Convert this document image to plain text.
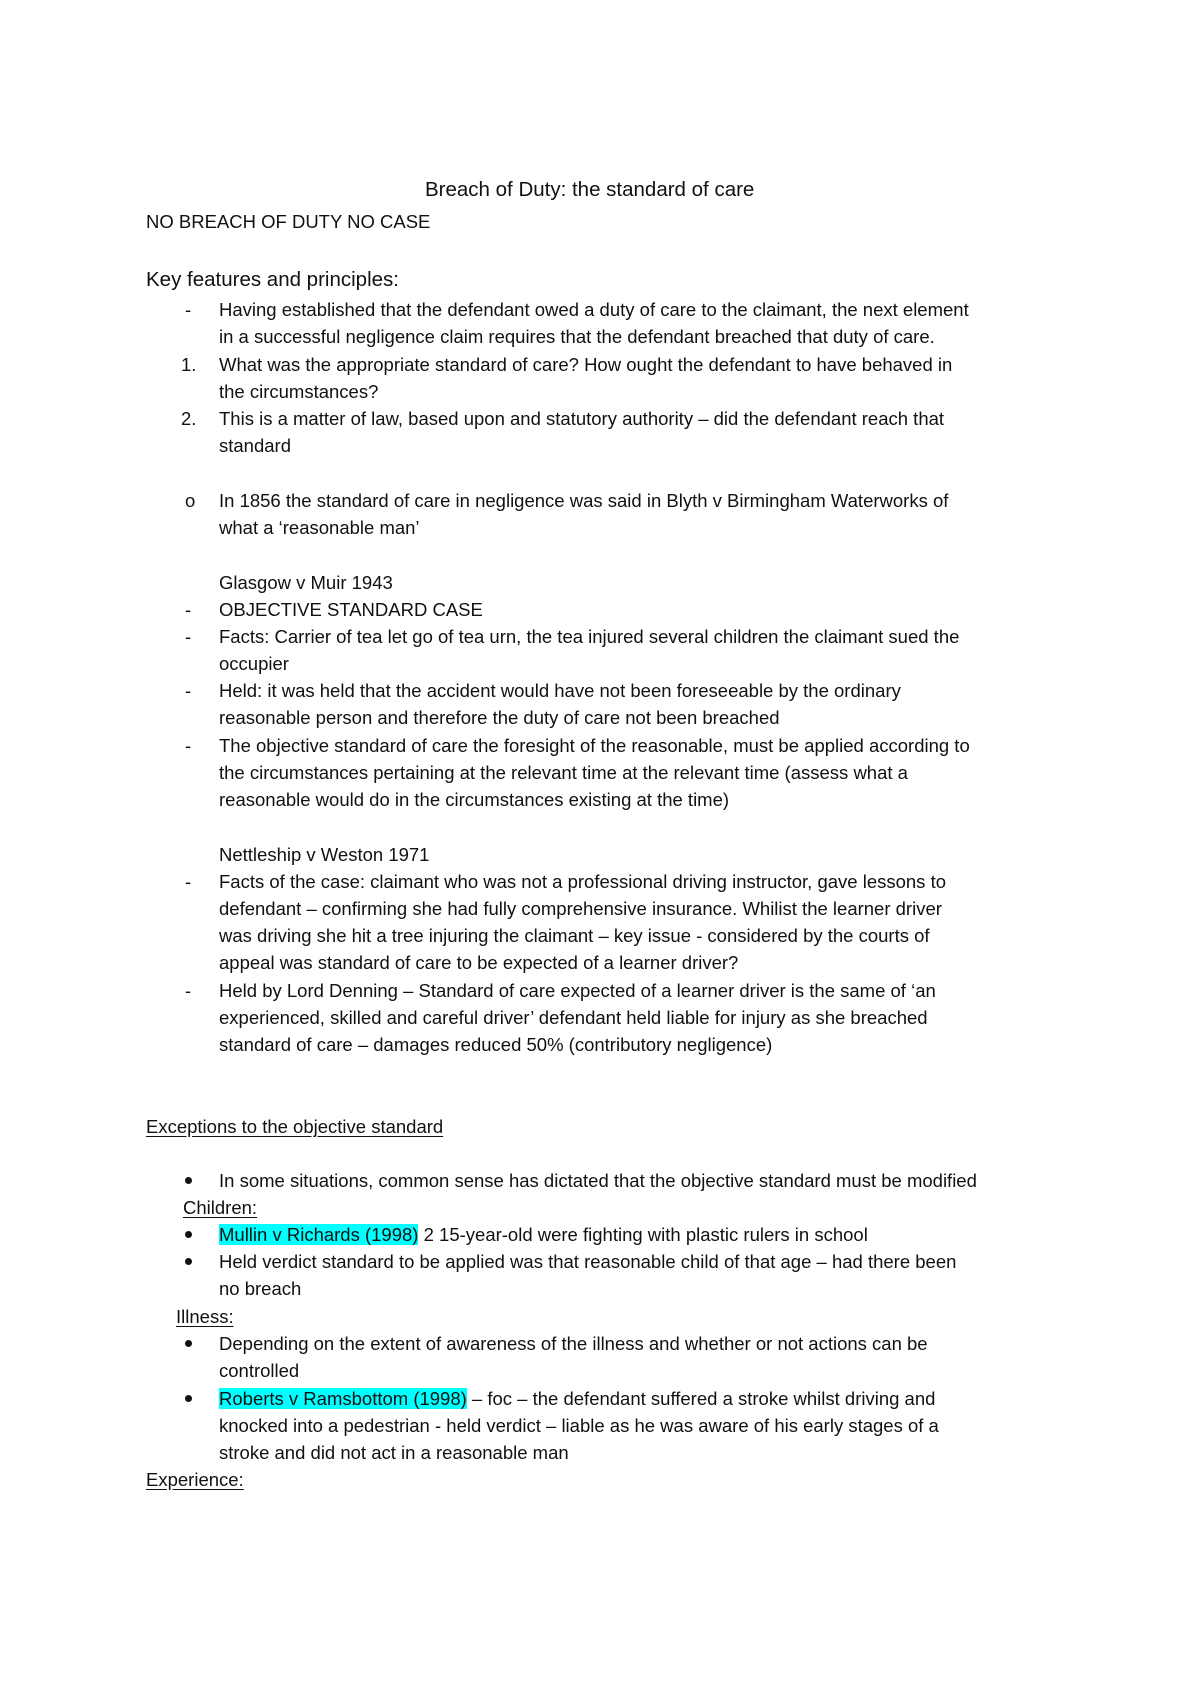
Breach of Duty: the standard of care
NO BREACH OF DUTY NO CASE
Key features and principles:
- Having established that the defendant owed a duty of care to the claimant, the next element
in a successful negligence claim requires that the defendant breached that duty of care.
1. What was the appropriate standard of care? How ought the defendant to have behaved in
the circumstances?
2. This is a matter of law, based upon and statutory authority – did the defendant reach that
standard
o In 1856 the standard of care in negligence was said in Blyth v Birmingham Waterworks of
what a ‘reasonable man’
Glasgow v Muir 1943
- OBJECTIVE STANDARD CASE
- Facts: Carrier of tea let go of tea urn, the tea injured several children the claimant sued the
occupier
- Held: it was held that the accident would have not been foreseeable by the ordinary
reasonable person and therefore the duty of care not been breached
- The objective standard of care the foresight of the reasonable, must be applied according to
the circumstances pertaining at the relevant time at the relevant time (assess what a
reasonable would do in the circumstances existing at the time)
Nettleship v Weston 1971
- Facts of the case: claimant who was not a professional driving instructor, gave lessons to
defendant – confirming she had fully comprehensive insurance. Whilist the learner driver
was driving she hit a tree injuring the claimant – key issue - considered by the courts of
appeal was standard of care to be expected of a learner driver?
- Held by Lord Denning – Standard of care expected of a learner driver is the same of ‘an
experienced, skilled and careful driver’ defendant held liable for injury as she breached
standard of care – damages reduced 50% (contributory negligence)
Exceptions to the objective standard
In some situations, common sense has dictated that the objective standard must be modified
Children:
Mullin v Richards (1998) 2 15-year-old were fighting with plastic rulers in school
Held verdict standard to be applied was that reasonable child of that age – had there been
no breach
Illness:
Depending on the extent of awareness of the illness and whether or not actions can be
controlled
Roberts v Ramsbottom (1998) – foc – the defendant suffered a stroke whilst driving and
knocked into a pedestrian - held verdict – liable as he was aware of his early stages of a
stroke and did not act in a reasonable man
Experience:
